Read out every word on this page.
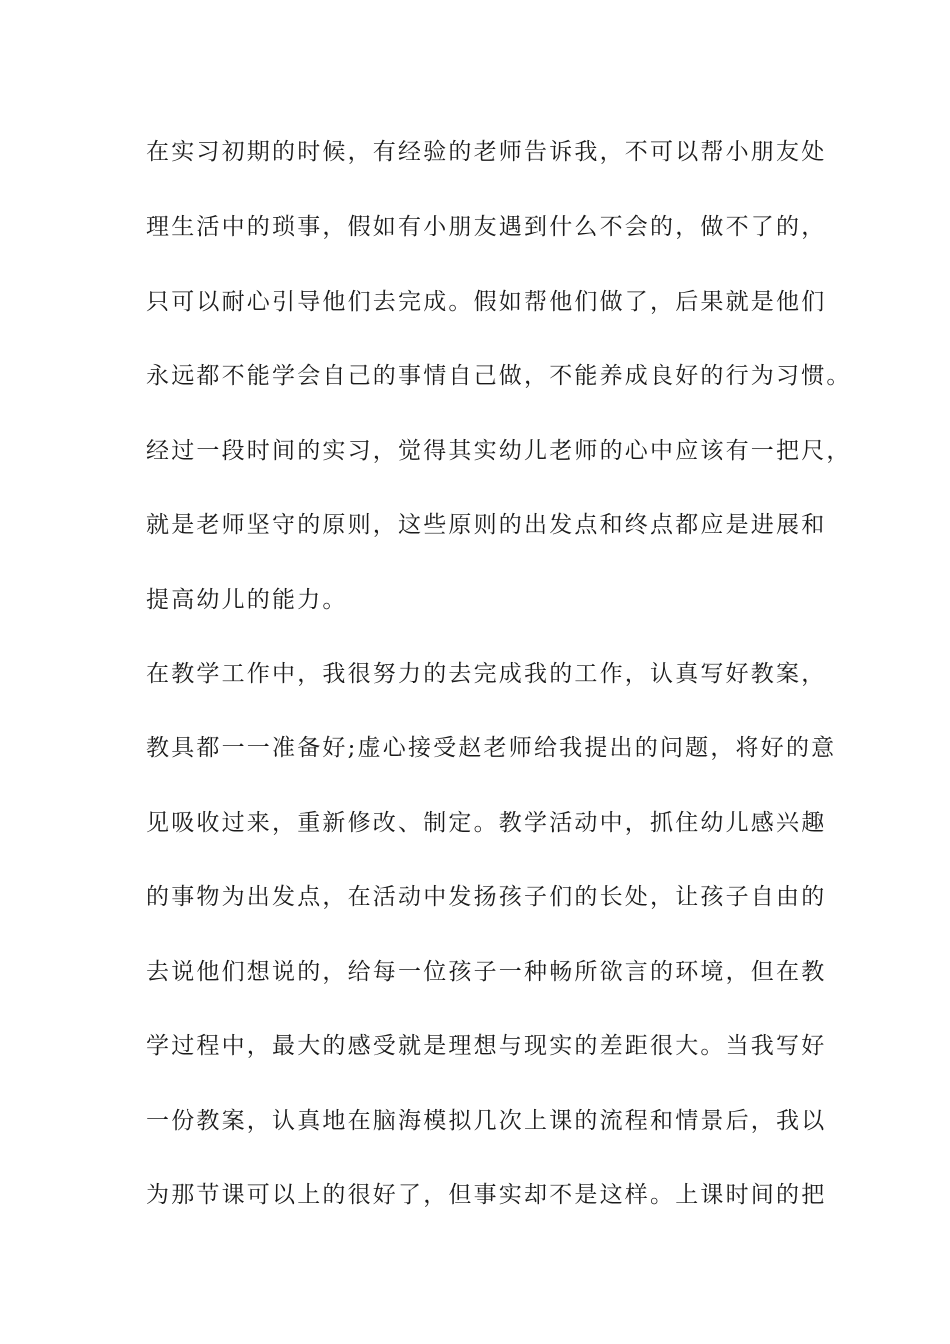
在实习初期的时候，有经验的老师告诉我，不可以帮小朋友处
理生活中的琐事，假如有小朋友遇到什么不会的，做不了的，
只可以耐心引导他们去完成。假如帮他们做了，后果就是他们
永远都不能学会自己的事情自己做，不能养成良好的行为习惯。
经过一段时间的实习，觉得其实幼儿老师的心中应该有一把尺，
就是老师坚守的原则，这些原则的出发点和终点都应是进展和
提高幼儿的能力。
在教学工作中，我很努力的去完成我的工作，认真写好教案，
教具都一一准备好;虚心接受赵老师给我提出的问题，将好的意
见吸收过来，重新修改、制定。教学活动中，抓住幼儿感兴趣
的事物为出发点，在活动中发扬孩子们的长处，让孩子自由的
去说他们想说的，给每一位孩子一种畅所欲言的环境，但在教
学过程中，最大的感受就是理想与现实的差距很大。当我写好
一份教案，认真地在脑海模拟几次上课的流程和情景后，我以
为那节课可以上的很好了，但事实却不是这样。上课时间的把
